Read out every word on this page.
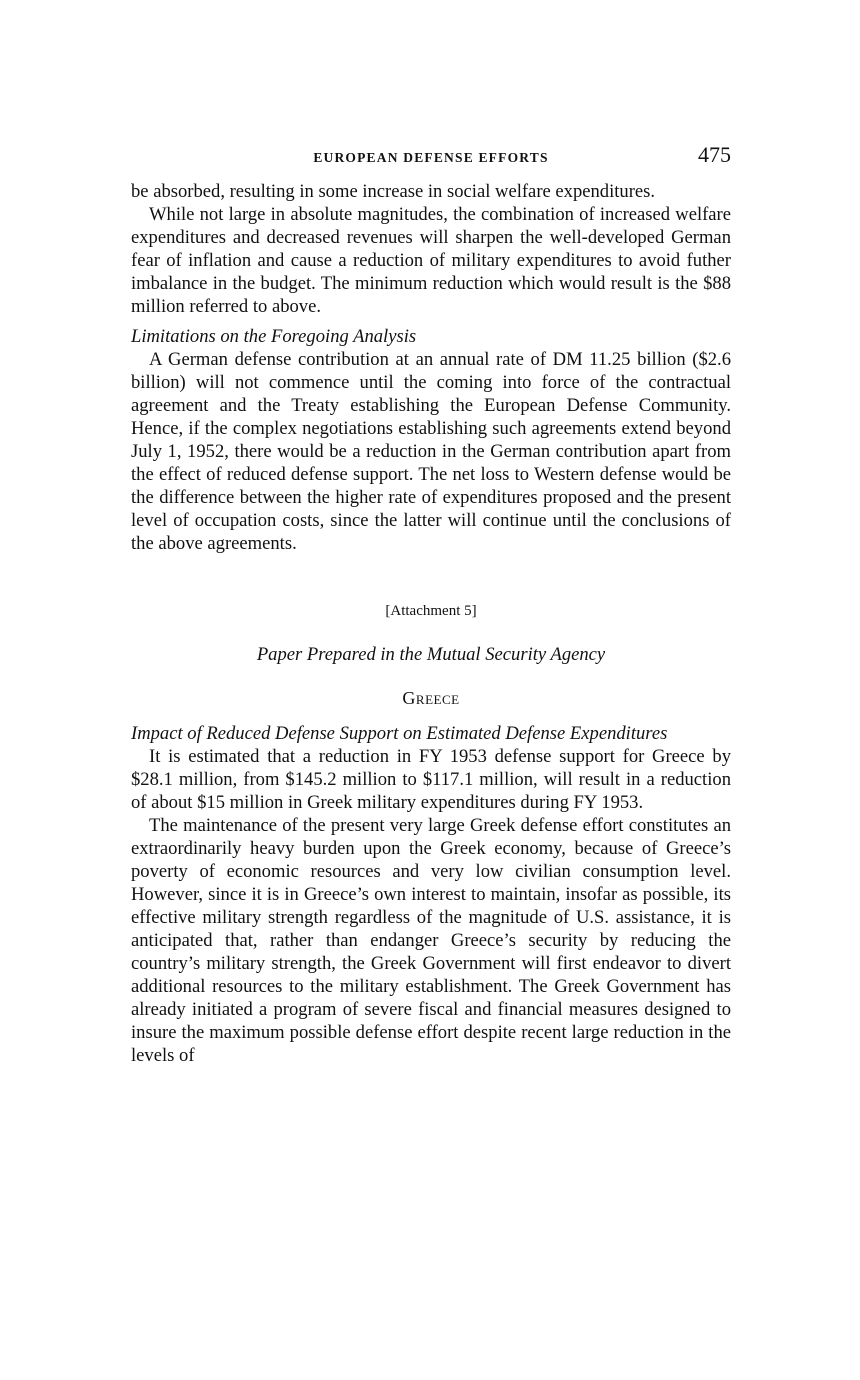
EUROPEAN DEFENSE EFFORTS	475

be absorbed, resulting in some increase in social welfare expenditures.

While not large in absolute magnitudes, the combination of increased welfare expenditures and decreased revenues will sharpen the well-developed German fear of inflation and cause a reduction of military expenditures to avoid futher imbalance in the budget. The minimum reduction which would result is the $88 million referred to above.

Limitations on the Foregoing Analysis

A German defense contribution at an annual rate of DM 11.25 billion ($2.6 billion) will not commence until the coming into force of the contractual agreement and the Treaty establishing the European Defense Community. Hence, if the complex negotiations establishing such agreements extend beyond July 1, 1952, there would be a reduction in the German contribution apart from the effect of reduced defense support. The net loss to Western defense would be the difference between the higher rate of expenditures proposed and the present level of occupation costs, since the latter will continue until the conclusions of the above agreements.

[Attachment 5]
Paper Prepared in the Mutual Security Agency
Greece
Impact of Reduced Defense Support on Estimated Defense Expenditures

It is estimated that a reduction in FY 1953 defense support for Greece by $28.1 million, from $145.2 million to $117.1 million, will result in a reduction of about $15 million in Greek military expenditures during FY 1953.

The maintenance of the present very large Greek defense effort constitutes an extraordinarily heavy burden upon the Greek economy, because of Greece’s poverty of economic resources and very low civilian consumption level. However, since it is in Greece’s own interest to maintain, insofar as possible, its effective military strength regardless of the magnitude of U.S. assistance, it is anticipated that, rather than endanger Greece’s security by reducing the country’s military strength, the Greek Government will first endeavor to divert additional resources to the military establishment. The Greek Government has already initiated a program of severe fiscal and financial measures designed to insure the maximum possible defense effort despite recent large reduction in the levels of
